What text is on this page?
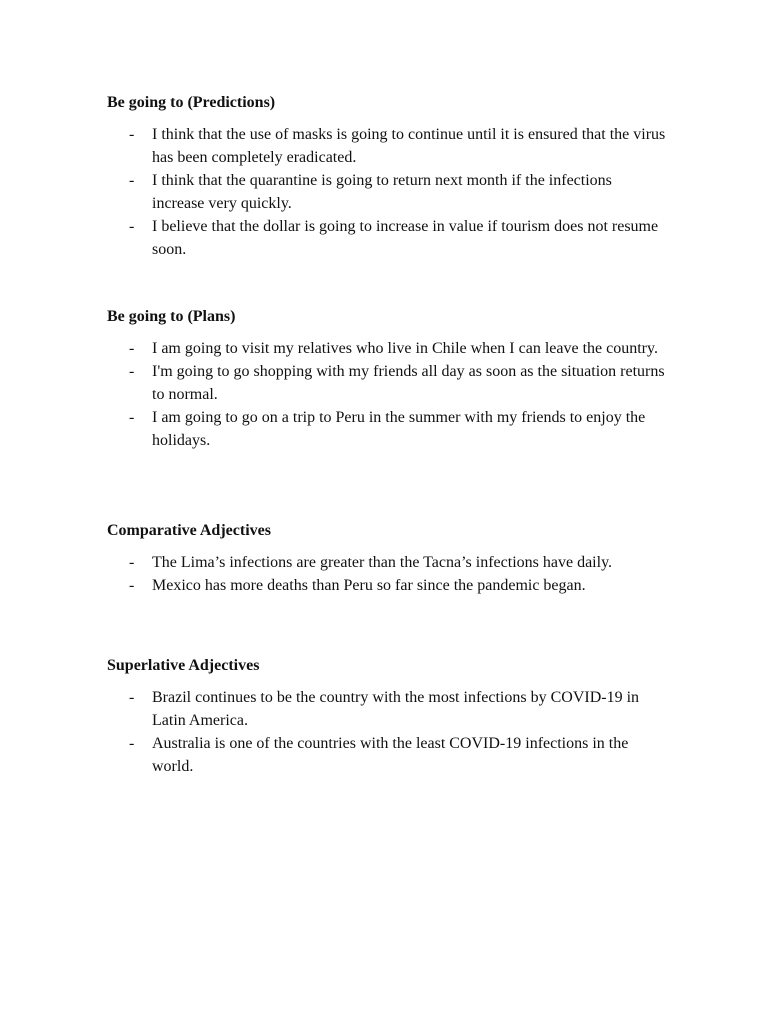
Be going to (Predictions)
- I think that the use of masks is going to continue until it is ensured that the virus has been completely eradicated.
- I think that the quarantine is going to return next month if the infections increase very quickly.
- I believe that the dollar is going to increase in value if tourism does not resume soon.
Be going to (Plans)
- I am going to visit my relatives who live in Chile when I can leave the country.
- I'm going to go shopping with my friends all day as soon as the situation returns to normal.
- I am going to go on a trip to Peru in the summer with my friends to enjoy the holidays.
Comparative Adjectives
- The Lima’s infections are greater than the Tacna’s infections have daily.
- Mexico has more deaths than Peru so far since the pandemic began.
Superlative Adjectives
- Brazil continues to be the country with the most infections by COVID-19 in Latin America.
- Australia is one of the countries with the least COVID-19 infections in the world.
